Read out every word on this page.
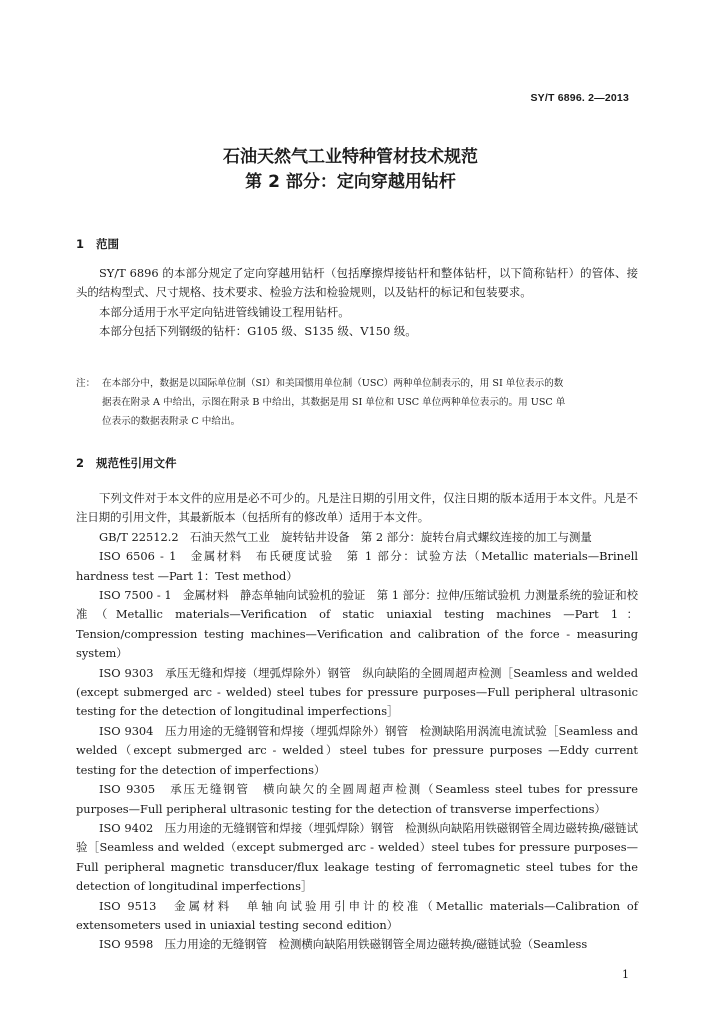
SY/T 6896. 2—2013
石油天然气工业特种管材技术规范
第 2 部分：定向穿越用钻杆
1 范围

SY/T 6896 的本部分规定了定向穿越用钻杆（包括摩擦焊接钻杆和整体钻杆，以下简称钻杆）的管体、接头的结构型式、尺寸规格、技术要求、检验方法和检验规则，以及钻杆的标记和包装要求。

本部分适用于水平定向钻进管线铺设工程用钻杆。

本部分包括下列钢级的钻杆：G105 级、S135 级、V150 级。

注： 在本部分中，数据是以国际单位制（SI）和美国惯用单位制（USC）两种单位制表示的，用 SI 单位表示的数
据表在附录 A 中给出，示图在附录 B 中给出，其数据是用 SI 单位和 USC 单位两种单位表示的。用 USC 单
位表示的数据表附录 C 中给出。
2 规范性引用文件

下列文件对于本文件的应用是必不可少的。凡是注日期的引用文件，仅注日期的版本适用于本文件。凡是不注日期的引用文件，其最新版本（包括所有的修改单）适用于本文件。

GB/T 22512.2　石油天然气工业　旋转钻井设备　第 2 部分：旋转台肩式螺纹连接的加工与测量

ISO 6506 - 1　金属材料　布氏硬度试验　第 1 部分：试验方法（Metallic materials—Brinell hardness test —Part 1：Test method）

ISO 7500 - 1　金属材料　静态单轴向试验机的验证　第 1 部分：拉伸/压缩试验机 力测量系统的验证和校准（Metallic materials—Verification of static uniaxial testing machines —Part 1：Tension/compression testing machines—Verification and calibration of the force - measuring system）

ISO 9303　承压无缝和焊接（埋弧焊除外）钢管　纵向缺陷的全圆周超声检测［Seamless and welded (except submerged arc - welded) steel tubes for pressure purposes—Full peripheral ultrasonic testing for the detection of longitudinal imperfections］

ISO 9304　压力用途的无缝钢管和焊接（埋弧焊除外）钢管　检测缺陷用涡流电流试验［Seamless and welded（except submerged arc - welded）steel tubes for pressure purposes —Eddy current testing for the detection of imperfections）

ISO 9305　承压无缝钢管　横向缺欠的全圆周超声检测（Seamless steel tubes for pressure purposes—Full peripheral ultrasonic testing for the detection of transverse imperfections）

ISO 9402　压力用途的无缝钢管和焊接（埋弧焊除）钢管　检测纵向缺陷用铁磁钢管全周边磁转换/磁链试验［Seamless and welded（except submerged arc - welded）steel tubes for pressure purposes—Full peripheral magnetic transducer/flux leakage testing of ferromagnetic steel tubes for the detection of longitudinal imperfections］

ISO 9513　金属材料　单轴向试验用引申计的校准（Metallic materials—Calibration of extensometers used in uniaxial testing second edition）

ISO 9598　压力用途的无缝钢管　检测横向缺陷用铁磁钢管全周边磁转换/磁链试验（Seamless

1
